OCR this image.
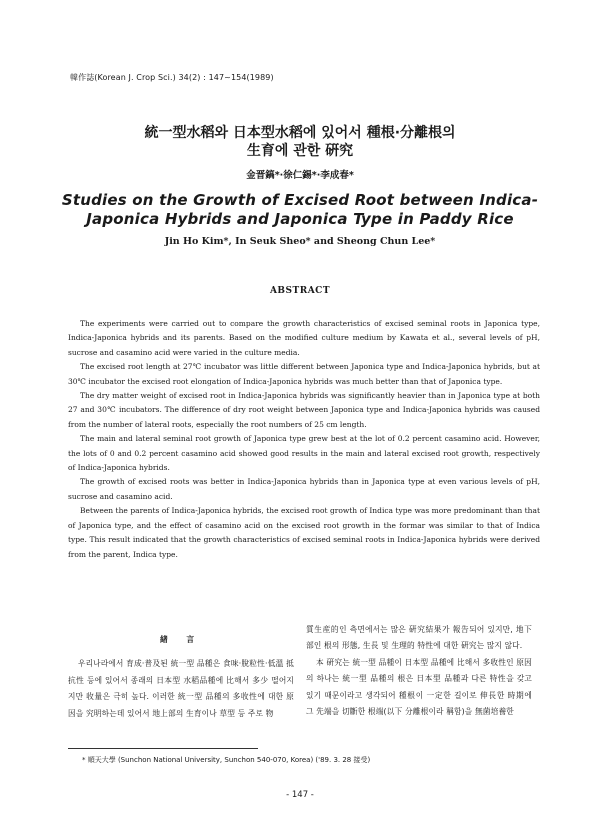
韓作誌(Korean J. Crop Sci.) 34(2) : 147~154(1989)
統一型水稻와 日本型水稻에 있어서 種根·分離根의
生育에 관한 硏究
金晋鎬*·徐仁錫*·李成春*
Studies on the Growth of Excised Root between Indica-
Japonica Hybrids and Japonica Type in Paddy Rice
Jin Ho Kim*, In Seuk Sheo* and Sheong Chun Lee*
ABSTRACT

The experiments were carried out to compare the growth characteristics of excised seminal roots in Japonica type, Indica-Japonica hybrids and its parents. Based on the modified culture medium by Kawata et al., several levels of pH, sucrose and casamino acid were varied in the culture media.

The excised root length at 27℃ incubator was little different between Japonica type and Indica-Japonica hybrids, but at 30℃ incubator the excised root elongation of Indica-Japonica hybrids was much better than that of Japonica type.

The dry matter weight of excised root in Indica-Japonica hybrids was significantly heavier than in Japonica type at both 27 and 30℃ incubators. The difference of dry root weight between Japonica type and Indica-Japonica hybrids was caused from the number of lateral roots, especially the root numbers of 25 cm length.

The main and lateral seminal root growth of Japonica type grew best at the lot of 0.2 percent casamino acid. However, the lots of 0 and 0.2 percent casamino acid showed good results in the main and lateral excised root growth, respectively of Indica-Japonica hybrids.

The growth of excised roots was better in Indica-Japonica hybrids than in Japonica type at even various levels of pH, sucrose and casamino acid.

Between the parents of Indica-Japonica hybrids, the excised root growth of Indica type was more predominant than that of Japonica type, and the effect of casamino acid on the excised root growth in the formar was similar to that of Indica type. This result indicated that the growth characteristics of excised seminal roots in Indica-Japonica hybrids were derived from the parent, Indica type.

緖 言

우리나라에서 育成·普及된 統一型 品種은 食味·脫粒性·低溫 抵抗性 등에 있어서 종래의 日本型 水稻品種에 比해서 多少 떨어지지만 收量은 극히 높다. 이러한 統一型 品種의 多收性에 대한 原因을 究明하는데 있어서 地上部의 生育이나 草型 등 주로 物

質生産的인 측면에서는 많은 硏究結果가 報告되어 있지만, 地下部인 根의 形態, 生長 및 生理的 特性에 대한 硏究는 많지 않다.

本 硏究는 統一型 品種이 日本型 品種에 比해서 多收性인 原因의 하나는 統一型 品種의 根은 日本型 品種과 다른 特性을 갖고 있기 때문이라고 생각되어 種根이 一定한 길이로 伸長한 時期에 그 先端을 切斷한 根端(以下 分離根이라 稱함)을 無菌培養한

* 順天大學 (Sunchon National University, Sunchon 540-070, Korea) ('89. 3. 28 接受)
- 147 -
